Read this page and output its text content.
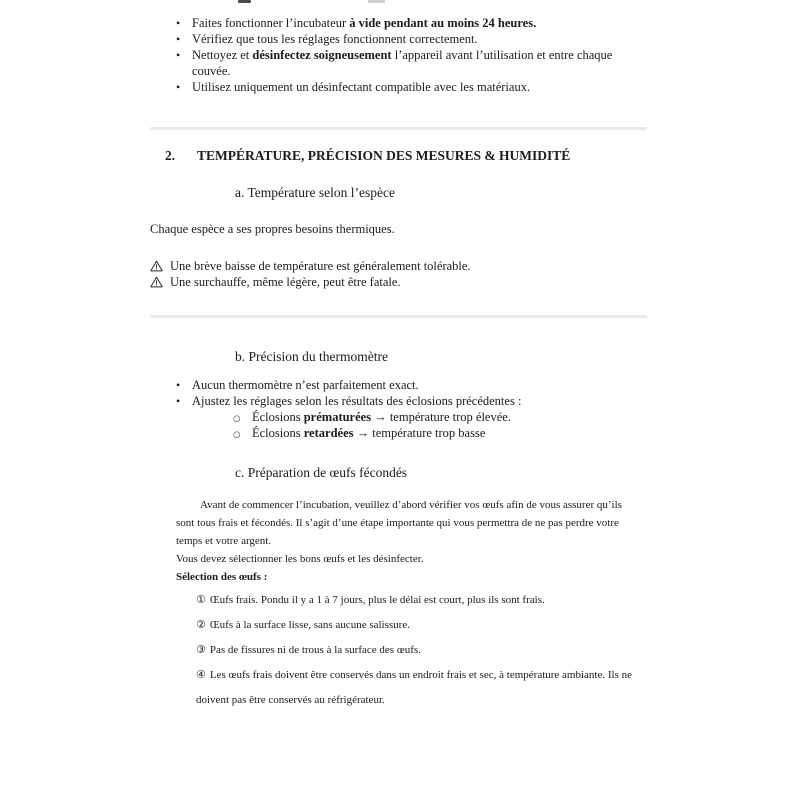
• Faites fonctionner l’incubateur à vide pendant au moins 24 heures.
• Vérifiez que tous les réglages fonctionnent correctement.
• Nettoyez et désinfectez soigneusement l’appareil avant l’utilisation et entre chaque couvée.
• Utilisez uniquement un désinfectant compatible avec les matériaux.
2.	TEMPÉRATURE, PRÉCISION DES MESURES & HUMIDITÉ
a. Température selon l’espèce

Chaque espèce a ses propres besoins thermiques.

Une brève baisse de température est généralement tolérable.
Une surchauffe, même légère, peut être fatale.
b. Précision du thermomètre
• Aucun thermomètre n’est parfaitement exact.
• Ajustez les réglages selon les résultats des éclosions précédentes :
○ Éclosions prématurées → température trop élevée.
○ Éclosions retardées → température trop basse
c. Préparation de œufs fécondés

Avant de commencer l’incubation, veuillez d’abord vérifier vos œufs afin de vous assurer qu’ils sont tous frais et fécondés. Il s’agit d’une étape importante qui vous permettra de ne pas perdre votre temps et votre argent.

Vous devez sélectionner les bons œufs et les désinfecter.

Sélection des œufs :

① Œufs frais. Pondu il y a 1 à 7 jours, plus le délai est court, plus ils sont frais.
② Œufs à la surface lisse, sans aucune salissure.
③ Pas de fissures ni de trous à la surface des œufs.
④ Les œufs frais doivent être conservés dans un endroit frais et sec, à température ambiante. Ils ne doivent pas être conservés au réfrigérateur.
